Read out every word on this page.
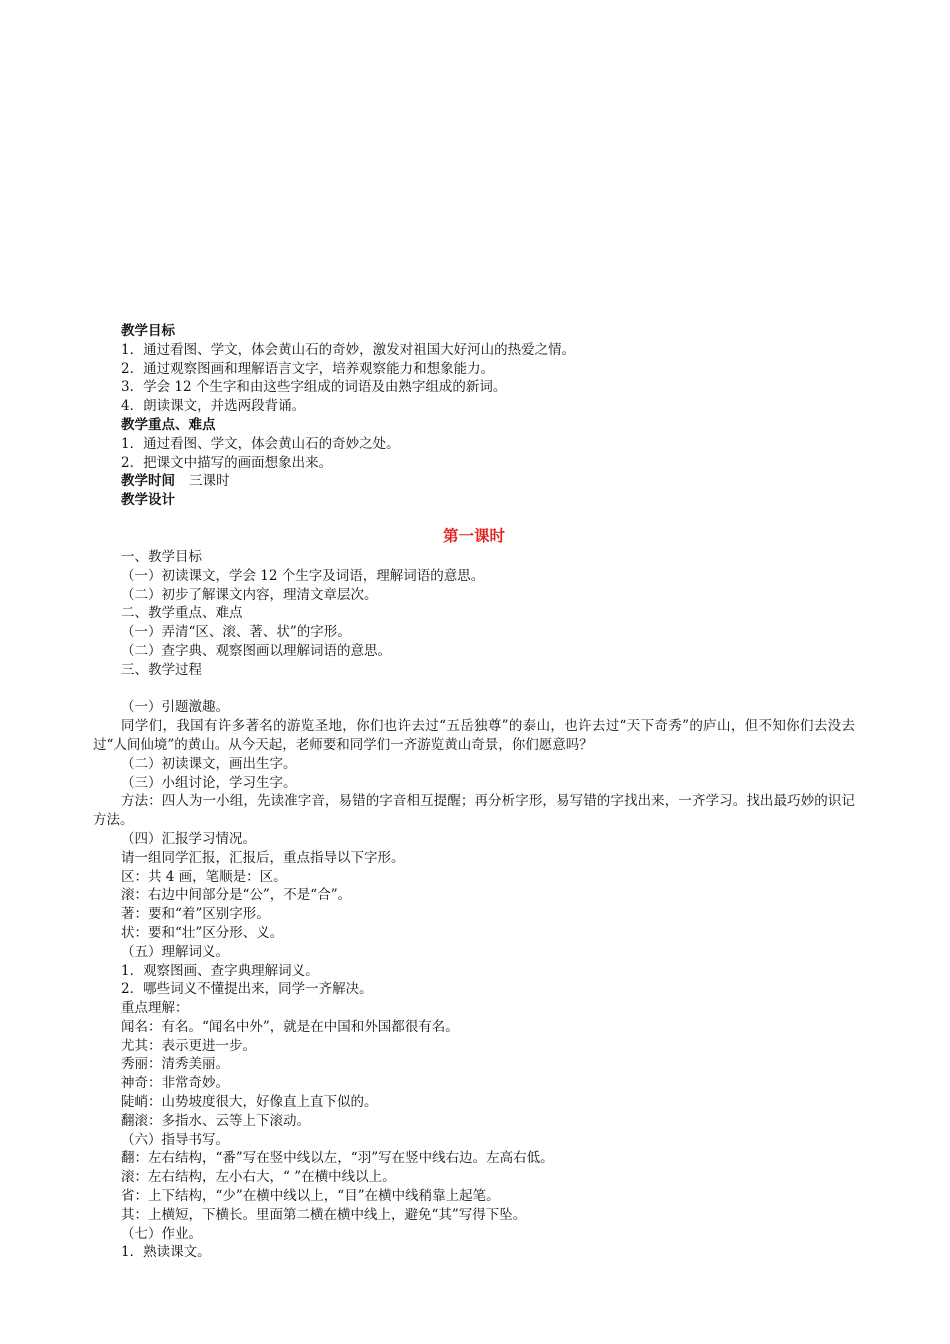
教学目标
1．通过看图、学文，体会黄山石的奇妙，激发对祖国大好河山的热爱之情。
2．通过观察图画和理解语言文字，培养观察能力和想象能力。
3．学会 12 个生字和由这些字组成的词语及由熟字组成的新词。
4．朗读课文，并选两段背诵。
教学重点、难点
1．通过看图、学文，体会黄山石的奇妙之处。
2．把课文中描写的画面想象出来。
教学时间 三课时
教学设计
第一课时
一、教学目标
（一）初读课文，学会 12 个生字及词语，理解词语的意思。
（二）初步了解课文内容，理清文章层次。
二、教学重点、难点
（一）弄清“区、滚、著、状”的字形。
（二）查字典、观察图画以理解词语的意思。
三、教学过程
（一）引题激趣。

同学们，我国有许多著名的游览圣地，你们也许去过“五岳独尊”的泰山，也许去过“天下奇秀”的庐山，但不知你们去没去过“人间仙境”的黄山。从今天起，老师要和同学们一齐游览黄山奇景，你们愿意吗？

（二）初读课文，画出生字。
（三）小组讨论，学习生字。

方法：四人为一小组，先读准字音，易错的字音相互提醒；再分析字形，易写错的字找出来，一齐学习。找出最巧妙的识记方法。

（四）汇报学习情况。
请一组同学汇报，汇报后，重点指导以下字形。
区：共 4 画，笔顺是：区。
滚：右边中间部分是“公”，不是“合”。
著：要和“着”区别字形。
状：要和“壮”区分形、义。
（五）理解词义。
1．观察图画、查字典理解词义。
2．哪些词义不懂提出来，同学一齐解决。
重点理解：
闻名：有名。“闻名中外”，就是在中国和外国都很有名。
尤其：表示更进一步。
秀丽：清秀美丽。
神奇：非常奇妙。
陡峭：山势坡度很大，好像直上直下似的。
翻滚：多指水、云等上下滚动。
（六）指导书写。
翻：左右结构，“番”写在竖中线以左，“羽”写在竖中线右边。左高右低。
滚：左右结构，左小右大，“ ”在横中线以上。
省：上下结构，“少”在横中线以上，“目”在横中线稍靠上起笔。
其：上横短，下横长。里面第二横在横中线上，避免“其”写得下坠。
（七）作业。
1．熟读课文。
